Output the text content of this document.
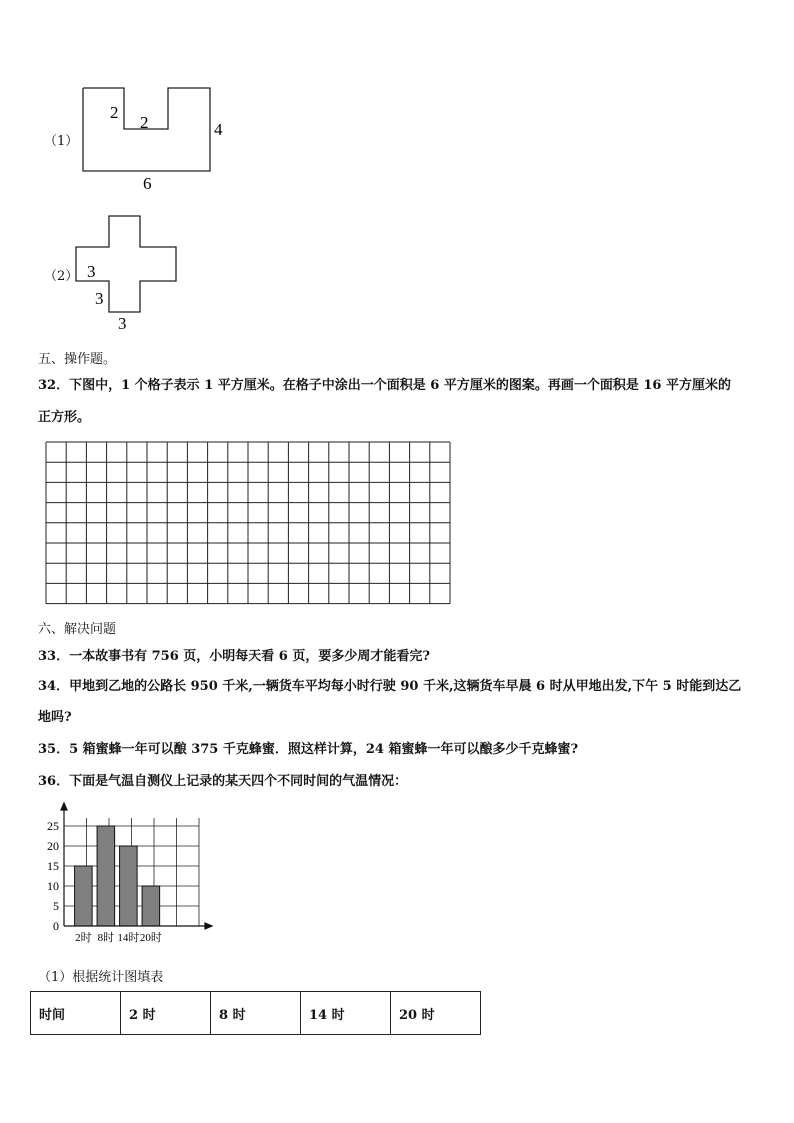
（1）
2
2	4
6
（2） 3
3
3
五、操作题。
32．下图中，1 个格子表示 1 平方厘米。在格子中涂出一个面积是 6 平方厘米的图案。再画一个面积是 16 平方厘米的
正方形。
六、解决问题
33．一本故事书有 756 页，小明每天看 6 页，要多少周才能看完?
34．甲地到乙地的公路长 950 千米,一辆货车平均每小时行驶 90 千米,这辆货车早晨 6 时从甲地出发,下午 5 时能到达乙
地吗?
35．5 箱蜜蜂一年可以酿 375 千克蜂蜜．照这样计算，24 箱蜜蜂一年可以酿多少千克蜂蜜?
36．下面是气温自测仪上记录的某天四个不同时间的气温情况：
0
5
10
15
20
25
2时 8时 14时 20时
（1）根据统计图填表
时间	2 时	8 时	14 时	20 时
